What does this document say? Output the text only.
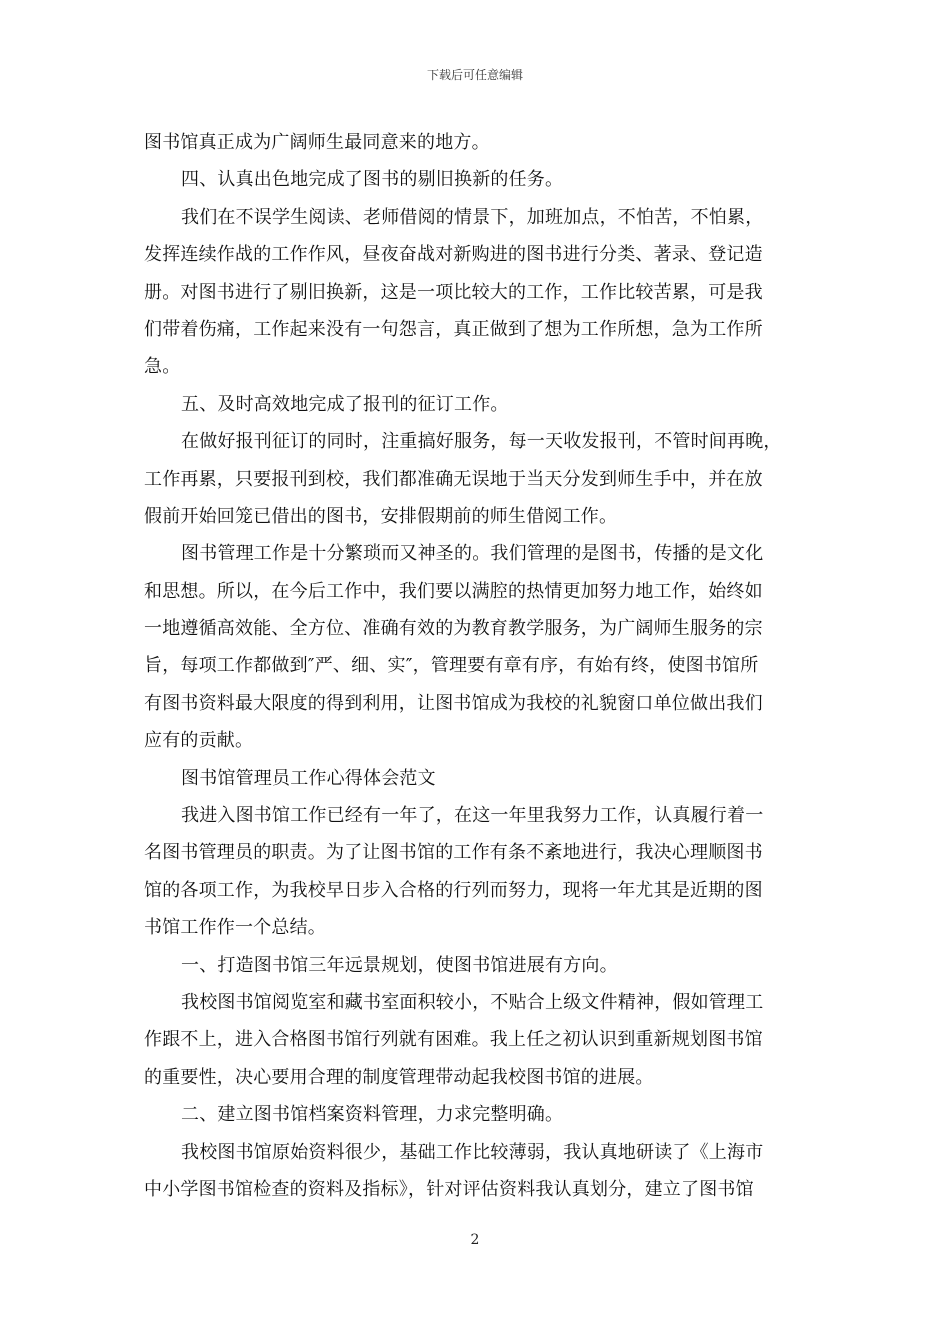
下载后可任意编辑
图书馆真正成为广阔师生最同意来的地方。
四、认真出色地完成了图书的剔旧换新的任务。
我们在不误学生阅读、老师借阅的情景下，加班加点，不怕苦，不怕累，
发挥连续作战的工作作风，昼夜奋战对新购进的图书进行分类、著录、登记造
册。对图书进行了剔旧换新，这是一项比较大的工作，工作比较苦累，可是我
们带着伤痛，工作起来没有一句怨言，真正做到了想为工作所想，急为工作所
急。
五、及时高效地完成了报刊的征订工作。
在做好报刊征订的同时，注重搞好服务，每一天收发报刊，不管时间再晚，
工作再累，只要报刊到校，我们都准确无误地于当天分发到师生手中，并在放
假前开始回笼已借出的图书，安排假期前的师生借阅工作。
图书管理工作是十分繁琐而又神圣的。我们管理的是图书，传播的是文化
和思想。所以，在今后工作中，我们要以满腔的热情更加努力地工作，始终如
一地遵循高效能、全方位、准确有效的为教育教学服务，为广阔师生服务的宗
旨，每项工作都做到″严、细、实″，管理要有章有序，有始有终，使图书馆所
有图书资料最大限度的得到利用，让图书馆成为我校的礼貌窗口单位做出我们
应有的贡献。
图书馆管理员工作心得体会范文
我进入图书馆工作已经有一年了，在这一年里我努力工作，认真履行着一
名图书管理员的职责。为了让图书馆的工作有条不紊地进行，我决心理顺图书
馆的各项工作，为我校早日步入合格的行列而努力，现将一年尤其是近期的图
书馆工作作一个总结。
一、打造图书馆三年远景规划，使图书馆进展有方向。
我校图书馆阅览室和藏书室面积较小，不贴合上级文件精神，假如管理工
作跟不上，进入合格图书馆行列就有困难。我上任之初认识到重新规划图书馆
的重要性，决心要用合理的制度管理带动起我校图书馆的进展。
二、建立图书馆档案资料管理，力求完整明确。
我校图书馆原始资料很少，基础工作比较薄弱，我认真地研读了《上海市
中小学图书馆检查的资料及指标》，针对评估资料我认真划分，建立了图书馆
2
